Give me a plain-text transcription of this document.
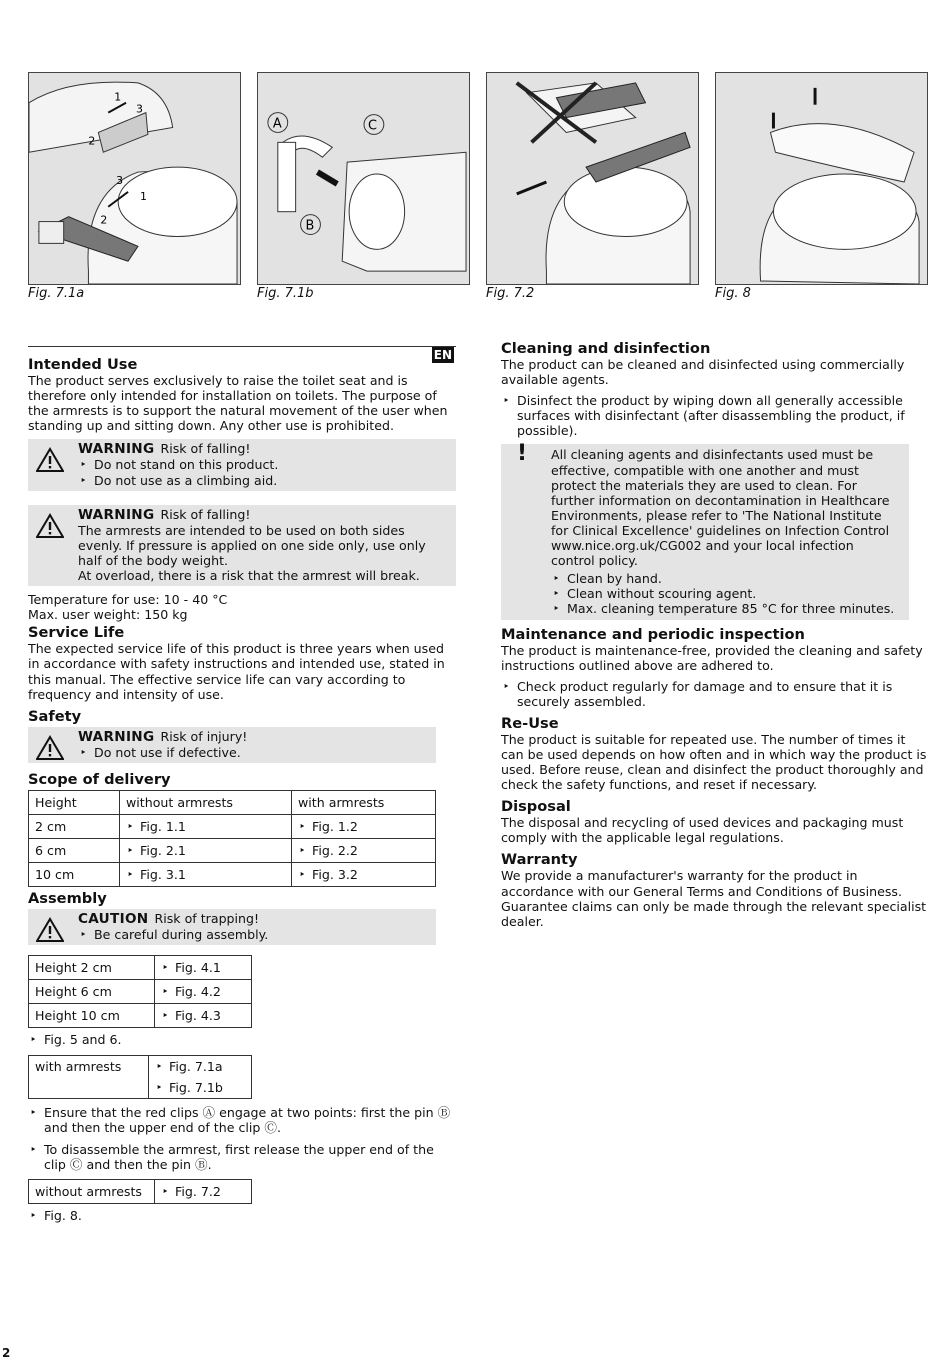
1
3
2
3
1
2
A	C
B
Fig. 7.1a	Fig. 7.1b	Fig. 7.2	Fig. 8
EN
Intended Use

The product serves exclusively to raise the toilet seat and is therefore only intended for installation on toilets. The purpose of the armrests is to support the natural movement of the user when standing up and sitting down. Any other use is prohibited.

WARNING Risk of falling!

‣ Do not stand on this product.

‣ Do not use as a climbing aid.

WARNING Risk of falling!

The armrests are intended to be used on both sides evenly. If pressure is applied on one side only, use only half of the body weight.

At overload, there is a risk that the armrest will break.

Temperature for use: 10 - 40 °C

Max. user weight: 150 kg

Service Life

The expected service life of this product is three years when used in accordance with safety instructions and intended use, stated in this manual. The effective service life can vary according to frequency and intensity of use.

Safety
WARNING Risk of injury!

‣ Do not use if defective.

Scope of delivery
Height	without armrests	with armrests
2 cm	‣ Fig. 1.1	‣ Fig. 1.2
6 cm	‣ Fig. 2.1	‣ Fig. 2.2
10 cm	‣ Fig. 3.1	‣ Fig. 3.2
Assembly
CAUTION Risk of trapping!

‣ Be careful during assembly.

Height 2 cm	‣ Fig. 4.1
Height 6 cm	‣ Fig. 4.2
Height 10 cm	‣ Fig. 4.3

‣ Fig. 5 and 6.

with armrests	‣Fig. 7.1a
‣ Fig. 7.1b

‣ Ensure that the red clips Ⓐ engage at two points: first the pin Ⓑ and then the upper end of the clip Ⓒ.

‣ To disassemble the armrest, first release the upper end of the clip Ⓒ and then the pin Ⓑ.

without armrests	‣Fig. 7.2

‣ Fig. 8.

Cleaning and disinfection

The product can be cleaned and disinfected using commercially available agents.

‣ Disinfect the product by wiping down all generally accessible surfaces with disinfectant (after disassembling the product, if possible).

! All cleaning agents and disinfectants used must be effective, compatible with one another and must protect the materials they are used to clean. For further information on decontamination in Healthcare Environments, please refer to 'The National Institute for Clinical Excellence' guidelines on Infection Control www.nice.org.uk/CG002 and your local infection control policy.

‣ Clean by hand.

‣ Clean without scouring agent.

‣ Max. cleaning temperature 85 °C for three minutes.

Maintenance and periodic inspection

The product is maintenance-free, provided the cleaning and safety instructions outlined above are adhered to.

‣ Check product regularly for damage and to ensure that it is securely assembled.

Re-Use

The product is suitable for repeated use. The number of times it can be used depends on how often and in which way the product is used. Before reuse, clean and disinfect the product thoroughly and check the safety functions, and reset if necessary.

Disposal

The disposal and recycling of used devices and packaging must comply with the applicable legal regulations.

Warranty

We provide a manufacturer's warranty for the product in accordance with our General Terms and Conditions of Business. Guarantee claims can only be made through the relevant specialist dealer.

2
